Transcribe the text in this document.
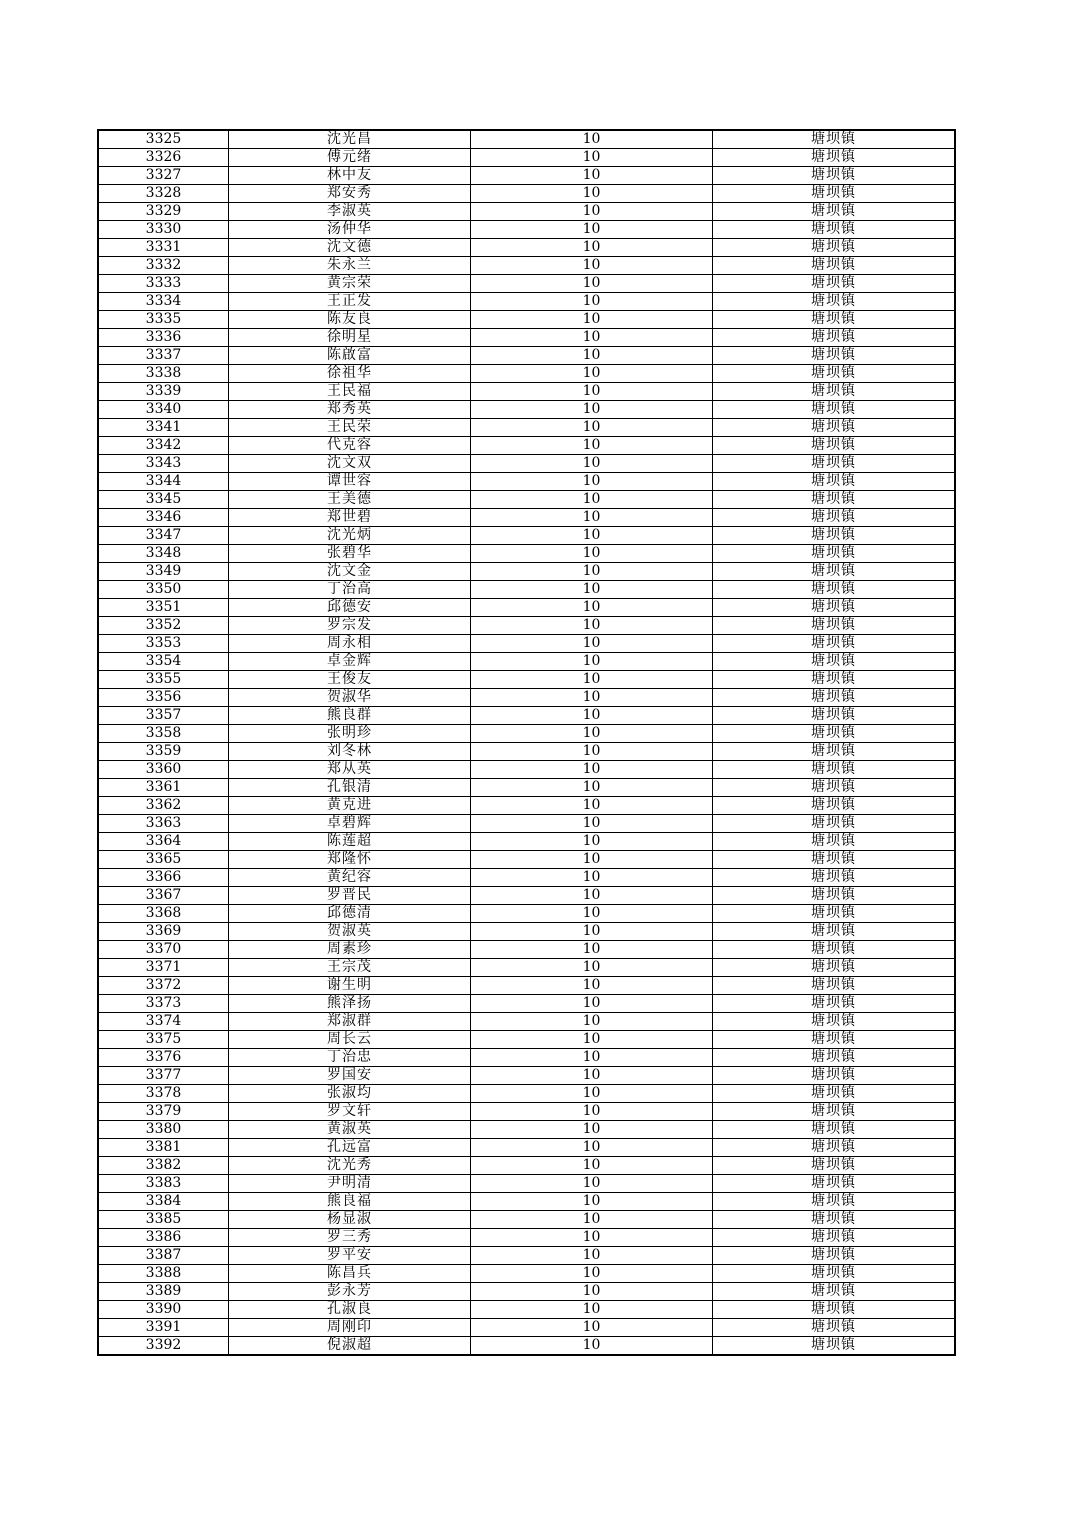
3325	沈光昌	10	塘坝镇
3326	傅元绪	10	塘坝镇
3327	林中友	10	塘坝镇
3328	郑安秀	10	塘坝镇
3329	李淑英	10	塘坝镇
3330	汤仲华	10	塘坝镇
3331	沈文德	10	塘坝镇
3332	朱永兰	10	塘坝镇
3333	黄宗荣	10	塘坝镇
3334	王正发	10	塘坝镇
3335	陈友良	10	塘坝镇
3336	徐明星	10	塘坝镇
3337	陈啟富	10	塘坝镇
3338	徐祖华	10	塘坝镇
3339	王民福	10	塘坝镇
3340	郑秀英	10	塘坝镇
3341	王民荣	10	塘坝镇
3342	代克容	10	塘坝镇
3343	沈文双	10	塘坝镇
3344	谭世容	10	塘坝镇
3345	王美德	10	塘坝镇
3346	郑世碧	10	塘坝镇
3347	沈光炳	10	塘坝镇
3348	张碧华	10	塘坝镇
3349	沈文金	10	塘坝镇
3350	丁治高	10	塘坝镇
3351	邱德安	10	塘坝镇
3352	罗宗发	10	塘坝镇
3353	周永相	10	塘坝镇
3354	卓金辉	10	塘坝镇
3355	王俊友	10	塘坝镇
3356	贺淑华	10	塘坝镇
3357	熊良群	10	塘坝镇
3358	张明珍	10	塘坝镇
3359	刘冬林	10	塘坝镇
3360	郑从英	10	塘坝镇
3361	孔银清	10	塘坝镇
3362	黄克进	10	塘坝镇
3363	卓碧辉	10	塘坝镇
3364	陈莲超	10	塘坝镇
3365	郑隆怀	10	塘坝镇
3366	黄纪容	10	塘坝镇
3367	罗晋民	10	塘坝镇
3368	邱德清	10	塘坝镇
3369	贺淑英	10	塘坝镇
3370	周素珍	10	塘坝镇
3371	王宗茂	10	塘坝镇
3372	谢生明	10	塘坝镇
3373	熊泽扬	10	塘坝镇
3374	郑淑群	10	塘坝镇
3375	周长云	10	塘坝镇
3376	丁治忠	10	塘坝镇
3377	罗国安	10	塘坝镇
3378	张淑均	10	塘坝镇
3379	罗文轩	10	塘坝镇
3380	黄淑英	10	塘坝镇
3381	孔远富	10	塘坝镇
3382	沈光秀	10	塘坝镇
3383	尹明清	10	塘坝镇
3384	熊良福	10	塘坝镇
3385	杨显淑	10	塘坝镇
3386	罗三秀	10	塘坝镇
3387	罗平安	10	塘坝镇
3388	陈昌兵	10	塘坝镇
3389	彭永芳	10	塘坝镇
3390	孔淑良	10	塘坝镇
3391	周刚印	10	塘坝镇
3392	倪淑超	10	塘坝镇
